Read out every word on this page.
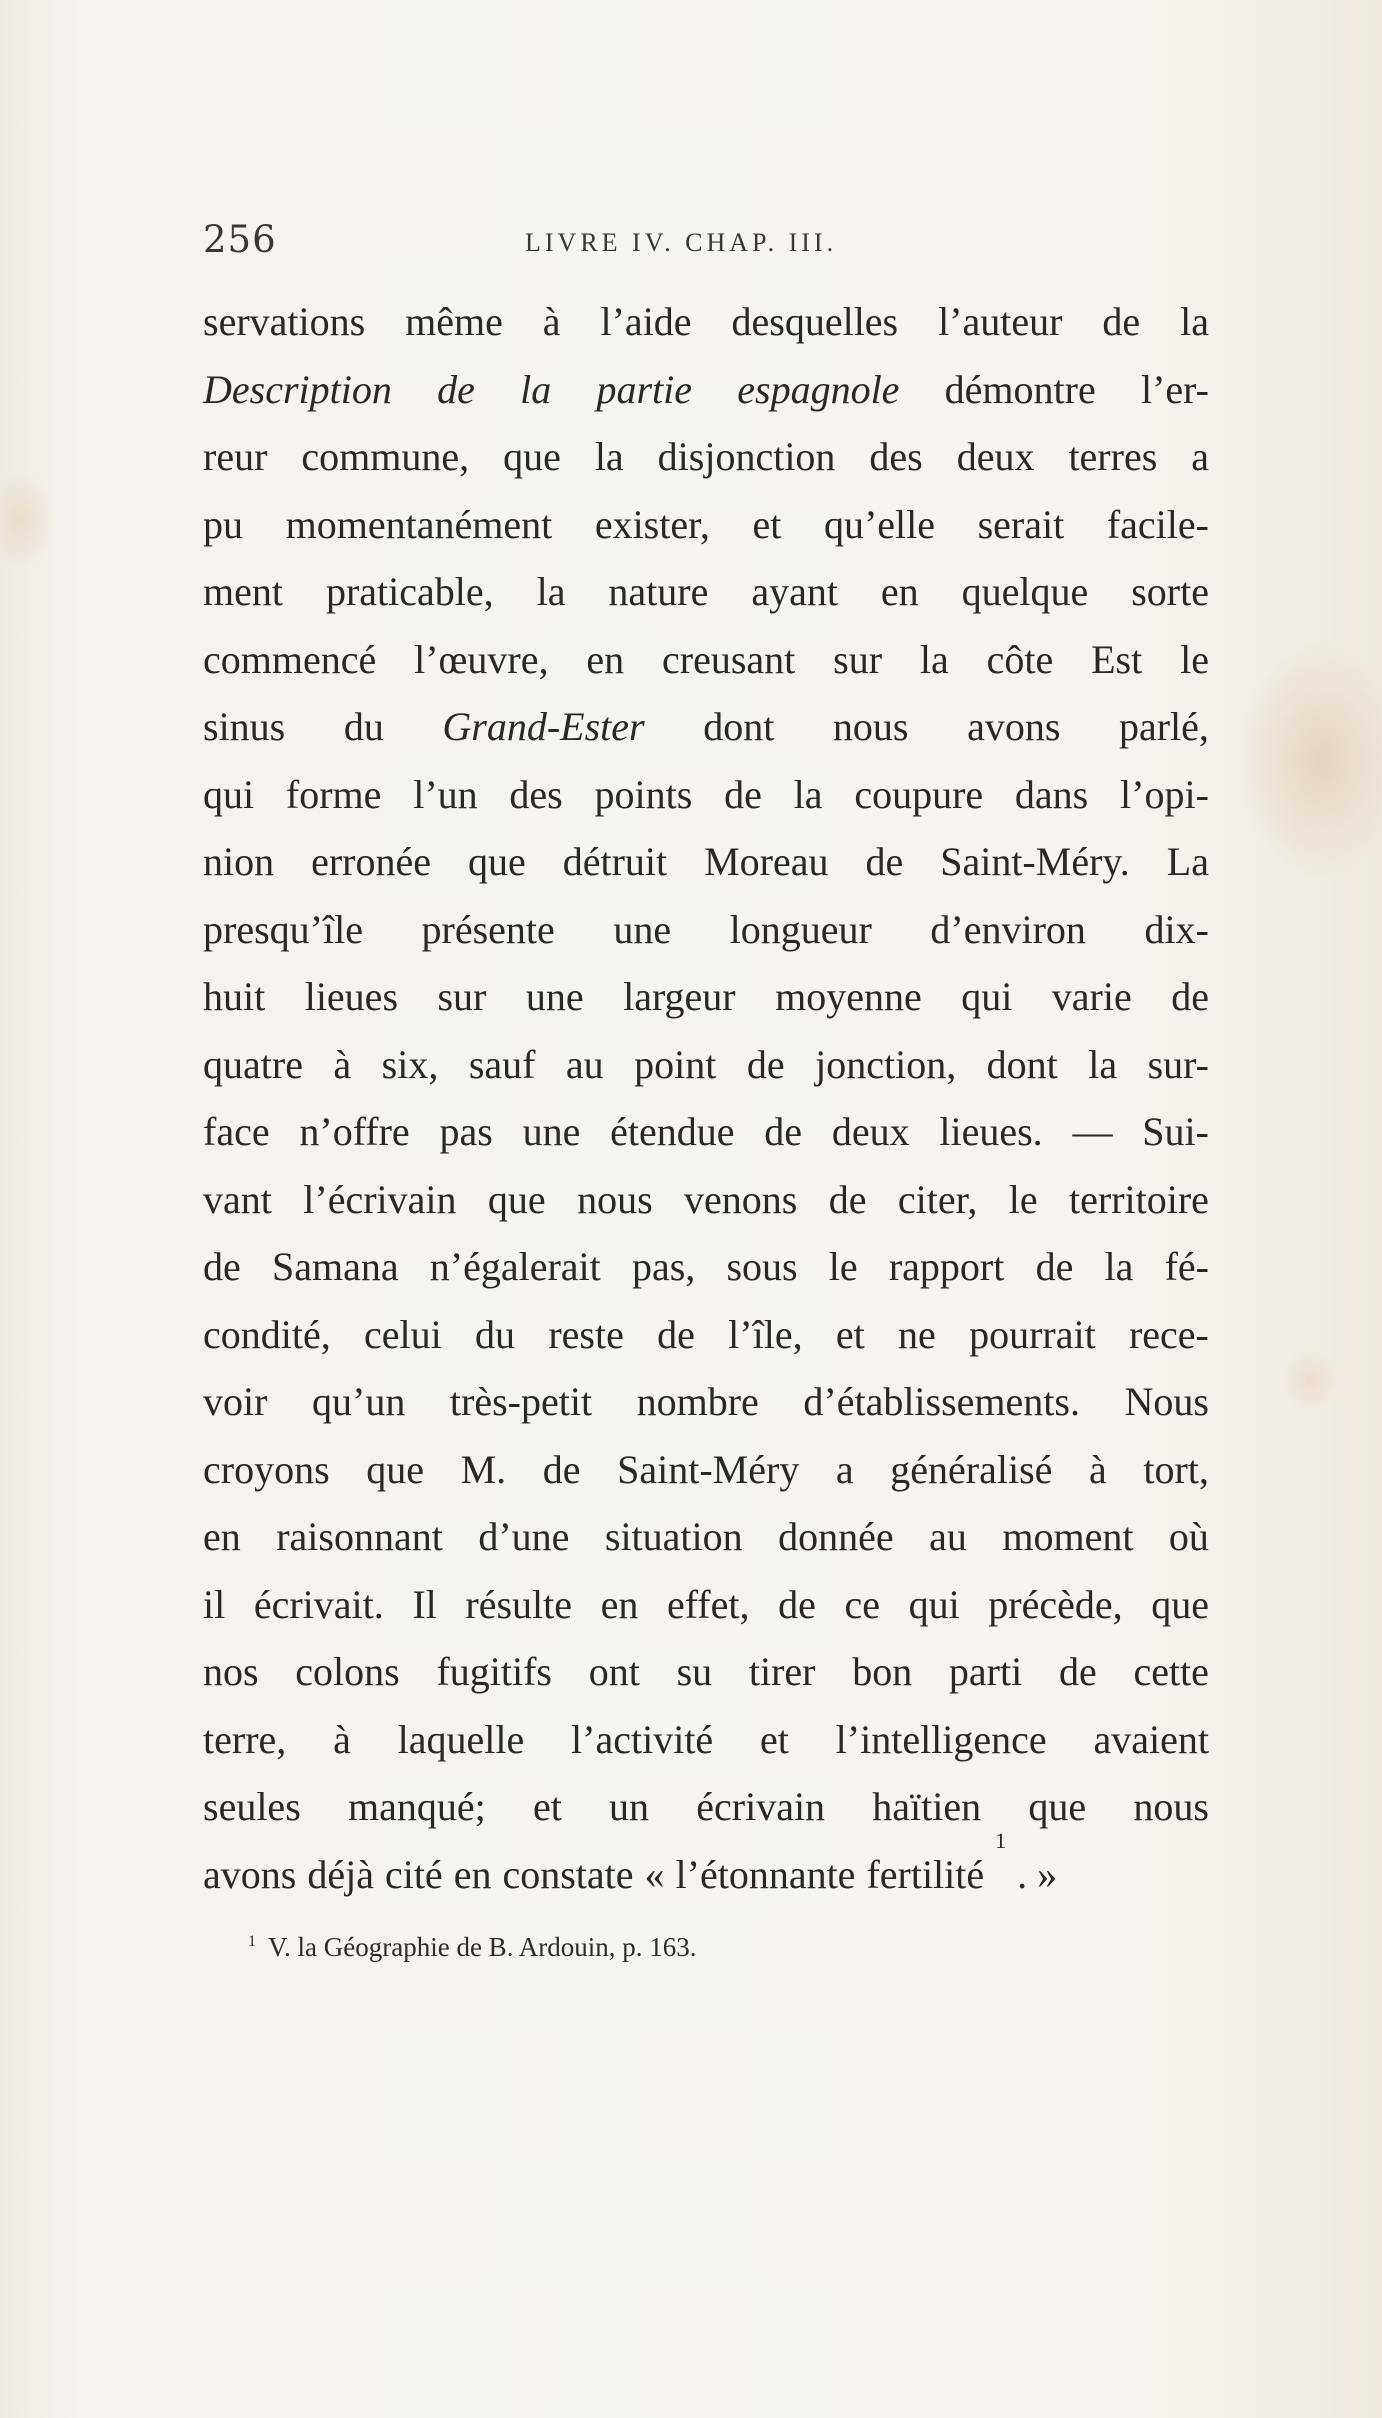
256	LIVRE IV. CHAP. III.
servations même à l’aide desquelles l’auteur de la
Description de la partie espagnole démontre l’er-
reur commune, que la disjonction des deux terres a
pu momentanément exister, et qu’elle serait facile-
ment praticable, la nature ayant en quelque sorte
commencé l’œuvre, en creusant sur la côte Est le
sinus du Grand-Ester dont nous avons parlé,
qui forme l’un des points de la coupure dans l’opi-
nion erronée que détruit Moreau de Saint-Méry. La
presqu’île présente une longueur d’environ dix-
huit lieues sur une largeur moyenne qui varie de
quatre à six, sauf au point de jonction, dont la sur-
face n’offre pas une étendue de deux lieues. — Sui-
vant l’écrivain que nous venons de citer, le territoire
de Samana n’égalerait pas, sous le rapport de la fé-
condité, celui du reste de l’île, et ne pourrait rece-
voir qu’un très-petit nombre d’établissements. Nous
croyons que M. de Saint-Méry a généralisé à tort,
en raisonnant d’une situation donnée au moment où
il écrivait. Il résulte en effet, de ce qui précède, que
nos colons fugitifs ont su tirer bon parti de cette
terre, à laquelle l’activité et l’intelligence avaient
seules manqué; et un écrivain haïtien que nous
avons déjà cité en constate « l’étonnante fertilité
1
. »
$^1$ V. la Géographie de B. Ardouin, p. 163.
